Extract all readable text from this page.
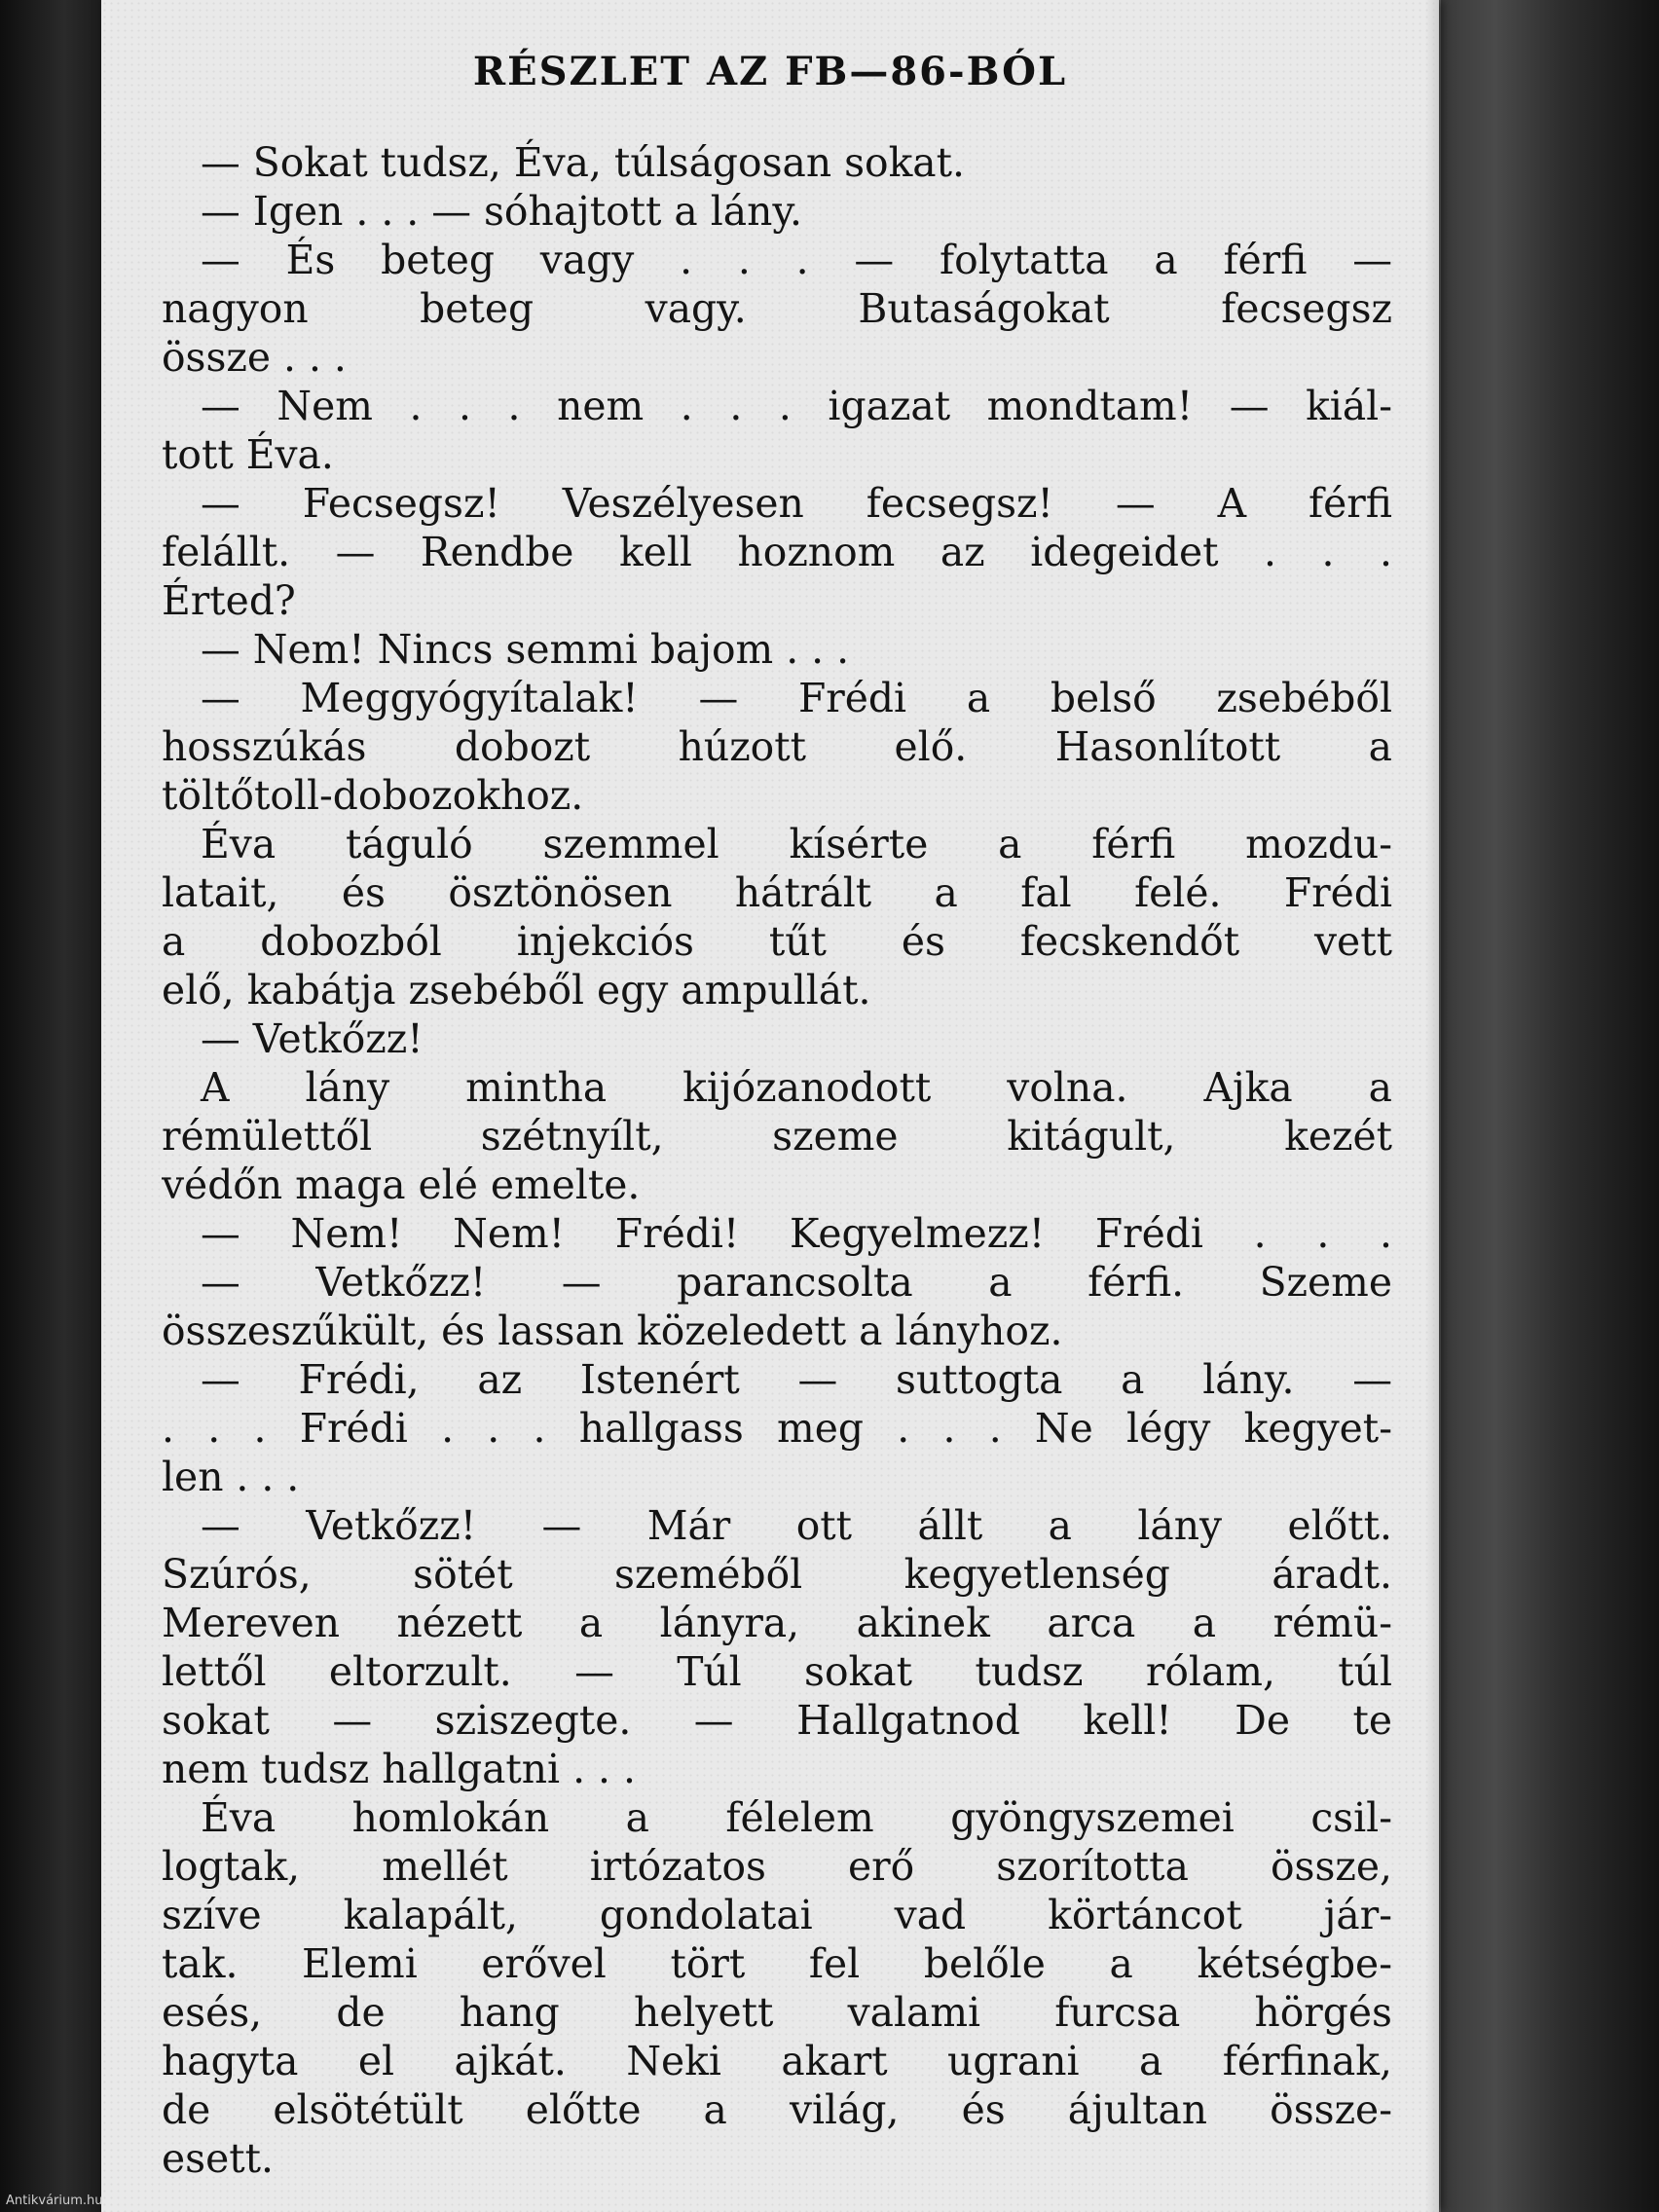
RÉSZLET AZ FB—86-BÓL
— Sokat tudsz, Éva, túlságosan sokat.
— Igen . . . — sóhajtott a lány.
— És beteg vagy . . . — folytatta a férfi —
nagyon beteg vagy. Butaságokat fecsegsz
össze . . .
— Nem . . . nem . . . igazat mondtam! — kiál-
tott Éva.
— Fecsegsz! Veszélyesen fecsegsz! — A férfi
felállt. — Rendbe kell hoznom az idegeidet . . .
Érted?
— Nem! Nincs semmi bajom . . .
— Meggyógyítalak! — Frédi a belső zsebéből
hosszúkás dobozt húzott elő. Hasonlított a
töltőtoll-dobozokhoz.
Éva táguló szemmel kísérte a férfi mozdu-
latait, és ösztönösen hátrált a fal felé. Frédi
a dobozból injekciós tűt és fecskendőt vett
elő, kabátja zsebéből egy ampullát.
— Vetkőzz!
A lány mintha kijózanodott volna. Ajka a
rémülettől szétnyílt, szeme kitágult, kezét
védőn maga elé emelte.
— Nem! Nem! Frédi! Kegyelmezz! Frédi . . .
— Vetkőzz! — parancsolta a férfi. Szeme
összeszűkült, és lassan közeledett a lányhoz.
— Frédi, az Istenért — suttogta a lány. —
. . . Frédi . . . hallgass meg . . . Ne légy kegyet-
len . . .
— Vetkőzz! — Már ott állt a lány előtt.
Szúrós, sötét szeméből kegyetlenség áradt.
Mereven nézett a lányra, akinek arca a rémü-
lettől eltorzult. — Túl sokat tudsz rólam, túl
sokat — sziszegte. — Hallgatnod kell! De te
nem tudsz hallgatni . . .
Éva homlokán a félelem gyöngyszemei csil-
logtak, mellét irtózatos erő szorította össze,
szíve kalapált, gondolatai vad körtáncot jár-
tak. Elemi erővel tört fel belőle a kétségbe-
esés, de hang helyett valami furcsa hörgés
hagyta el ajkát. Neki akart ugrani a férfinak,
de elsötétült előtte a világ, és ájultan össze-
esett.
Antikvárium.hu
